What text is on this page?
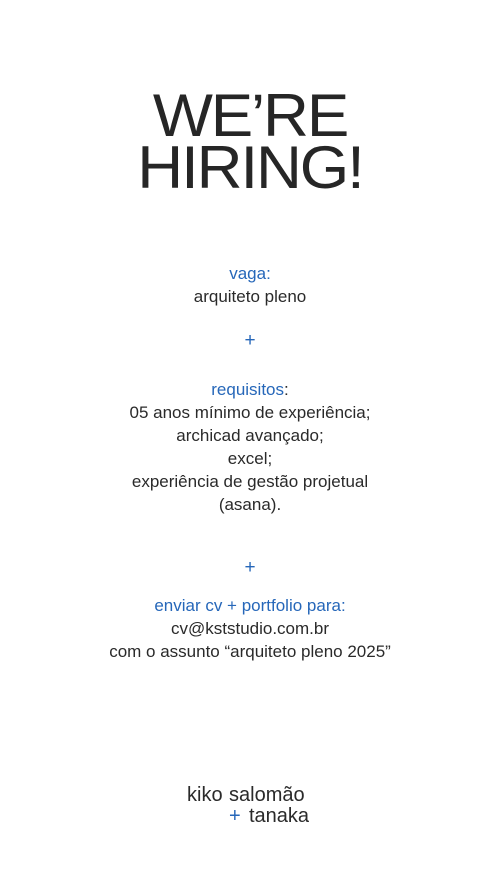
WE’RE
HIRING!
vaga:
arquiteto pleno
+
requisitos:
05 anos mínimo de experiência;
archicad avançado;
excel;
experiência de gestão projetual
(asana).
+
enviar cv + portfolio para:
cv@kststudio.com.br
com o assunto “arquiteto pleno 2025”
kiko salomão
+ tanaka
